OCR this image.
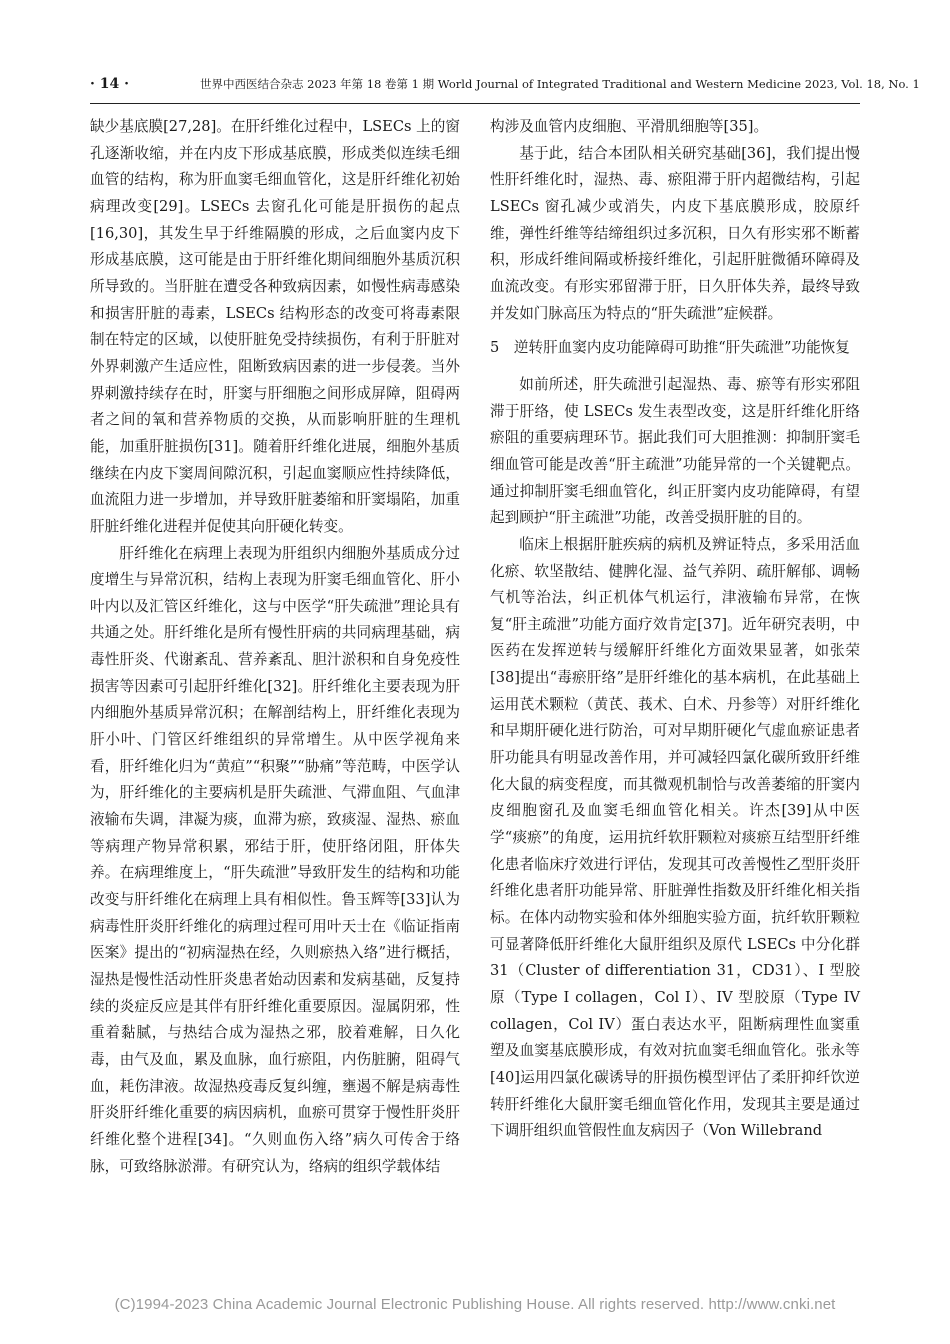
· 14 ·	世界中西医结合杂志 2023 年第 18 卷第 1 期 World Journal of Integrated Traditional and Western Medicine 2023, Vol. 18, No. 1

缺少基底膜[27,28]。在肝纤维化过程中，LSECs 上的窗孔逐渐收缩，并在内皮下形成基底膜，形成类似连续毛细血管的结构，称为肝血窦毛细血管化，这是肝纤维化初始病理改变[29]。LSECs 去窗孔化可能是肝损伤的起点[16,30]，其发生早于纤维隔膜的形成，之后血窦内皮下形成基底膜，这可能是由于肝纤维化期间细胞外基质沉积所导致的。当肝脏在遭受各种致病因素，如慢性病毒感染和损害肝脏的毒素，LSECs 结构形态的改变可将毒素限制在特定的区域，以使肝脏免受持续损伤，有利于肝脏对外界刺激产生适应性，阻断致病因素的进一步侵袭。当外界刺激持续存在时，肝窦与肝细胞之间形成屏障，阻碍两者之间的氧和营养物质的交换，从而影响肝脏的生理机能，加重肝脏损伤[31]。随着肝纤维化进展，细胞外基质继续在内皮下窦周间隙沉积，引起血窦顺应性持续降低，血流阻力进一步增加，并导致肝脏萎缩和肝窦塌陷，加重肝脏纤维化进程并促使其向肝硬化转变。

肝纤维化在病理上表现为肝组织内细胞外基质成分过度增生与异常沉积，结构上表现为肝窦毛细血管化、肝小叶内以及汇管区纤维化，这与中医学“肝失疏泄”理论具有共通之处。肝纤维化是所有慢性肝病的共同病理基础，病毒性肝炎、代谢紊乱、营养紊乱、胆汁淤积和自身免疫性损害等因素可引起肝纤维化[32]。肝纤维化主要表现为肝内细胞外基质异常沉积；在解剖结构上，肝纤维化表现为肝小叶、门管区纤维组织的异常增生。从中医学视角来看，肝纤维化归为“黄疸”“积聚”“胁痛”等范畴，中医学认为，肝纤维化的主要病机是肝失疏泄、气滞血阻、气血津液输布失调，津凝为痰，血滞为瘀，致痰湿、湿热、瘀血等病理产物异常积累，邪结于肝，使肝络闭阻，肝体失养。在病理维度上，“肝失疏泄”导致肝发生的结构和功能改变与肝纤维化在病理上具有相似性。鲁玉辉等[33]认为病毒性肝炎肝纤维化的病理过程可用叶天士在《临证指南医案》提出的“初病湿热在经，久则瘀热入络”进行概括，湿热是慢性活动性肝炎患者始动因素和发病基础，反复持续的炎症反应是其伴有肝纤维化重要原因。湿属阴邪，性重着黏腻，与热结合成为湿热之邪，胶着难解，日久化毒，由气及血，累及血脉，血行瘀阻，内伤脏腑，阻碍气血，耗伤津液。故湿热疫毒反复纠缠，壅遏不解是病毒性肝炎肝纤维化重要的病因病机，血瘀可贯穿于慢性肝炎肝纤维化整个进程[34]。“久则血伤入络”病久可传舍于络脉，可致络脉淤滞。有研究认为，络病的组织学载体结

构涉及血管内皮细胞、平滑肌细胞等[35]。

基于此，结合本团队相关研究基础[36]，我们提出慢性肝纤维化时，湿热、毒、瘀阻滞于肝内超微结构，引起 LSECs 窗孔减少或消失，内皮下基底膜形成，胶原纤维，弹性纤维等结缔组织过多沉积，日久有形实邪不断蓄积，形成纤维间隔或桥接纤维化，引起肝脏微循环障碍及血流改变。有形实邪留滞于肝，日久肝体失养，最终导致并发如门脉高压为特点的“肝失疏泄”症候群。

5　逆转肝血窦内皮功能障碍可助推“肝失疏泄”功能恢复

如前所述，肝失疏泄引起湿热、毒、瘀等有形实邪阻滞于肝络，使 LSECs 发生表型改变，这是肝纤维化肝络瘀阻的重要病理环节。据此我们可大胆推测：抑制肝窦毛细血管可能是改善“肝主疏泄”功能异常的一个关键靶点。通过抑制肝窦毛细血管化，纠正肝窦内皮功能障碍，有望起到顾护“肝主疏泄”功能，改善受损肝脏的目的。

临床上根据肝脏疾病的病机及辨证特点，多采用活血化瘀、软坚散结、健脾化湿、益气养阴、疏肝解郁、调畅气机等治法，纠正机体气机运行，津液输布异常，在恢复“肝主疏泄”功能方面疗效肯定[37]。近年研究表明，中医药在发挥逆转与缓解肝纤维化方面效果显著，如张荣[38]提出“毒瘀肝络”是肝纤维化的基本病机，在此基础上运用芪术颗粒（黄芪、莪术、白术、丹参等）对肝纤维化和早期肝硬化进行防治，可对早期肝硬化气虚血瘀证患者肝功能具有明显改善作用，并可减轻四氯化碳所致肝纤维化大鼠的病变程度，而其微观机制恰与改善萎缩的肝窦内皮细胞窗孔及血窦毛细血管化相关。许杰[39]从中医学“痰瘀”的角度，运用抗纤软肝颗粒对痰瘀互结型肝纤维化患者临床疗效进行评估，发现其可改善慢性乙型肝炎肝纤维化患者肝功能异常、肝脏弹性指数及肝纤维化相关指标。在体内动物实验和体外细胞实验方面，抗纤软肝颗粒可显著降低肝纤维化大鼠肝组织及原代 LSECs 中分化群 31（Cluster of differentiation 31，CD31）、I 型胶原（Type I collagen，Col I）、IV 型胶原（Type IV collagen，Col IV）蛋白表达水平，阻断病理性血窦重塑及血窦基底膜形成，有效对抗血窦毛细血管化。张永等[40]运用四氯化碳诱导的肝损伤模型评估了柔肝抑纤饮逆转肝纤维化大鼠肝窦毛细血管化作用，发现其主要是通过下调肝组织血管假性血友病因子（Von Willebrand

(C)1994-2023 China Academic Journal Electronic Publishing House. All rights reserved. http://www.cnki.net
